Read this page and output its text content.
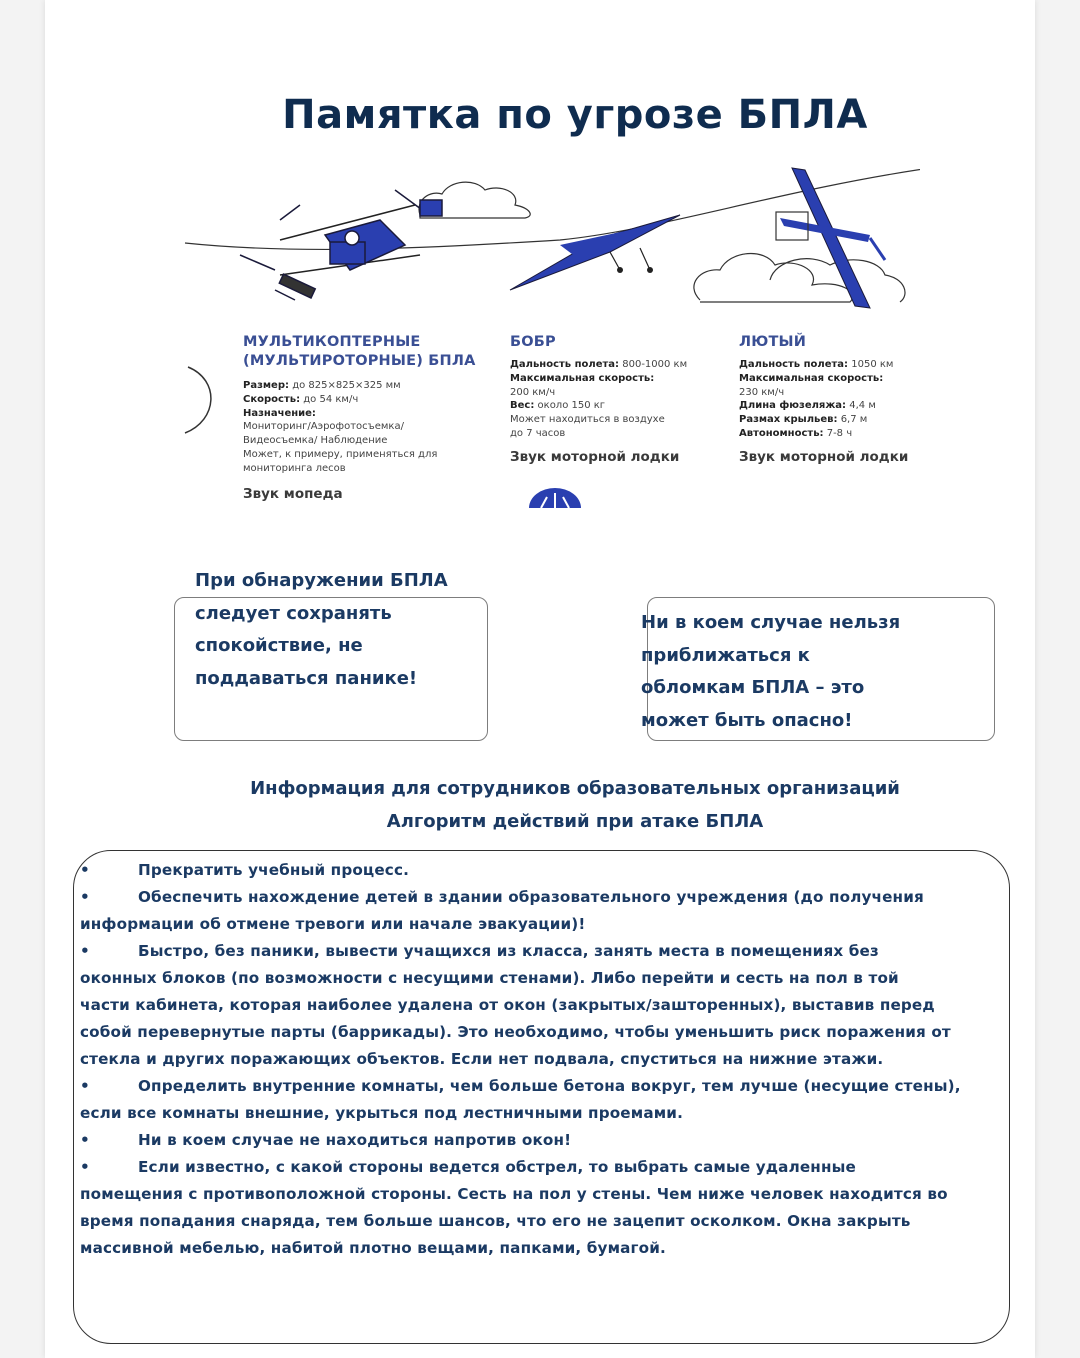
Памятка по угрозе БПЛА
МУЛЬТИКОПТЕРНЫЕ
(МУЛЬТИРОТОРНЫЕ) БПЛА
Размер: до 825×825×325 мм
Скорость: до 54 км/ч
Назначение:
Мониторинг/Аэрофотосъемка/
Видеосъемка/ Наблюдение
Может, к примеру, применяться для
мониторинга лесов
Звук мопеда
БОБР
Дальность полета: 800-1000 км
Максимальная скорость:
200 км/ч
Вес: около 150 кг
Может находиться в воздухе
до 7 часов
Звук моторной лодки
ЛЮТЫЙ
Дальность полета: 1050 км
Максимальная скорость:
230 км/ч
Длина фюзеляжа: 4,4 м
Размах крыльев: 6,7 м
Автономность: 7-8 ч
Звук моторной лодки
При обнаружении БПЛА
следует сохранять
спокойствие, не
поддаваться панике!
Ни в коем случае нельзя
приближаться к
обломкам БПЛА – это
может быть опасно!
Информация для сотрудников образовательных организаций
Алгоритм действий при атаке БПЛА

•	Прекратить учебный процесс.

•	Обеспечить нахождение детей в здании образовательного учреждения (до получения
информации об отмене тревоги или начале эвакуации)!

•	Быстро, без паники, вывести учащихся из класса, занять места в помещениях без
оконных блоков (по возможности с несущими стенами). Либо перейти и сесть на пол в той
части кабинета, которая наиболее удалена от окон (закрытых/зашторенных), выставив перед
собой перевернутые парты (баррикады). Это необходимо, чтобы уменьшить риск поражения от
стекла и других поражающих объектов. Если нет подвала, спуститься на нижние этажи.

•	Определить внутренние комнаты, чем больше бетона вокруг, тем лучше (несущие стены),
если все комнаты внешние, укрыться под лестничными проемами.

•	Ни в коем случае не находиться напротив окон!

•	Если известно, с какой стороны ведется обстрел, то выбрать самые удаленные
помещения с противоположной стороны. Сесть на пол у стены. Чем ниже человек находится во
время попадания снаряда, тем больше шансов, что его не зацепит осколком. Окна закрыть
массивной мебелью, набитой плотно вещами, папками, бумагой.
